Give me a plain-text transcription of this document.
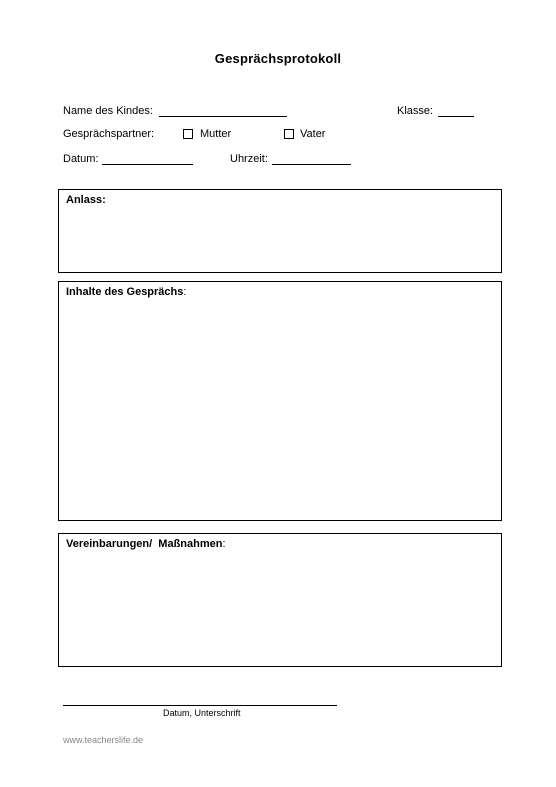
Gesprächsprotokoll
Name des Kindes:	Klasse:
Gesprächspartner:	Mutter	Vater
Datum:	Uhrzeit:
Anlass:
Inhalte des Gesprächs:
Vereinbarungen/  Maßnahmen:
Datum, Unterschrift
www.teacherslife.de
